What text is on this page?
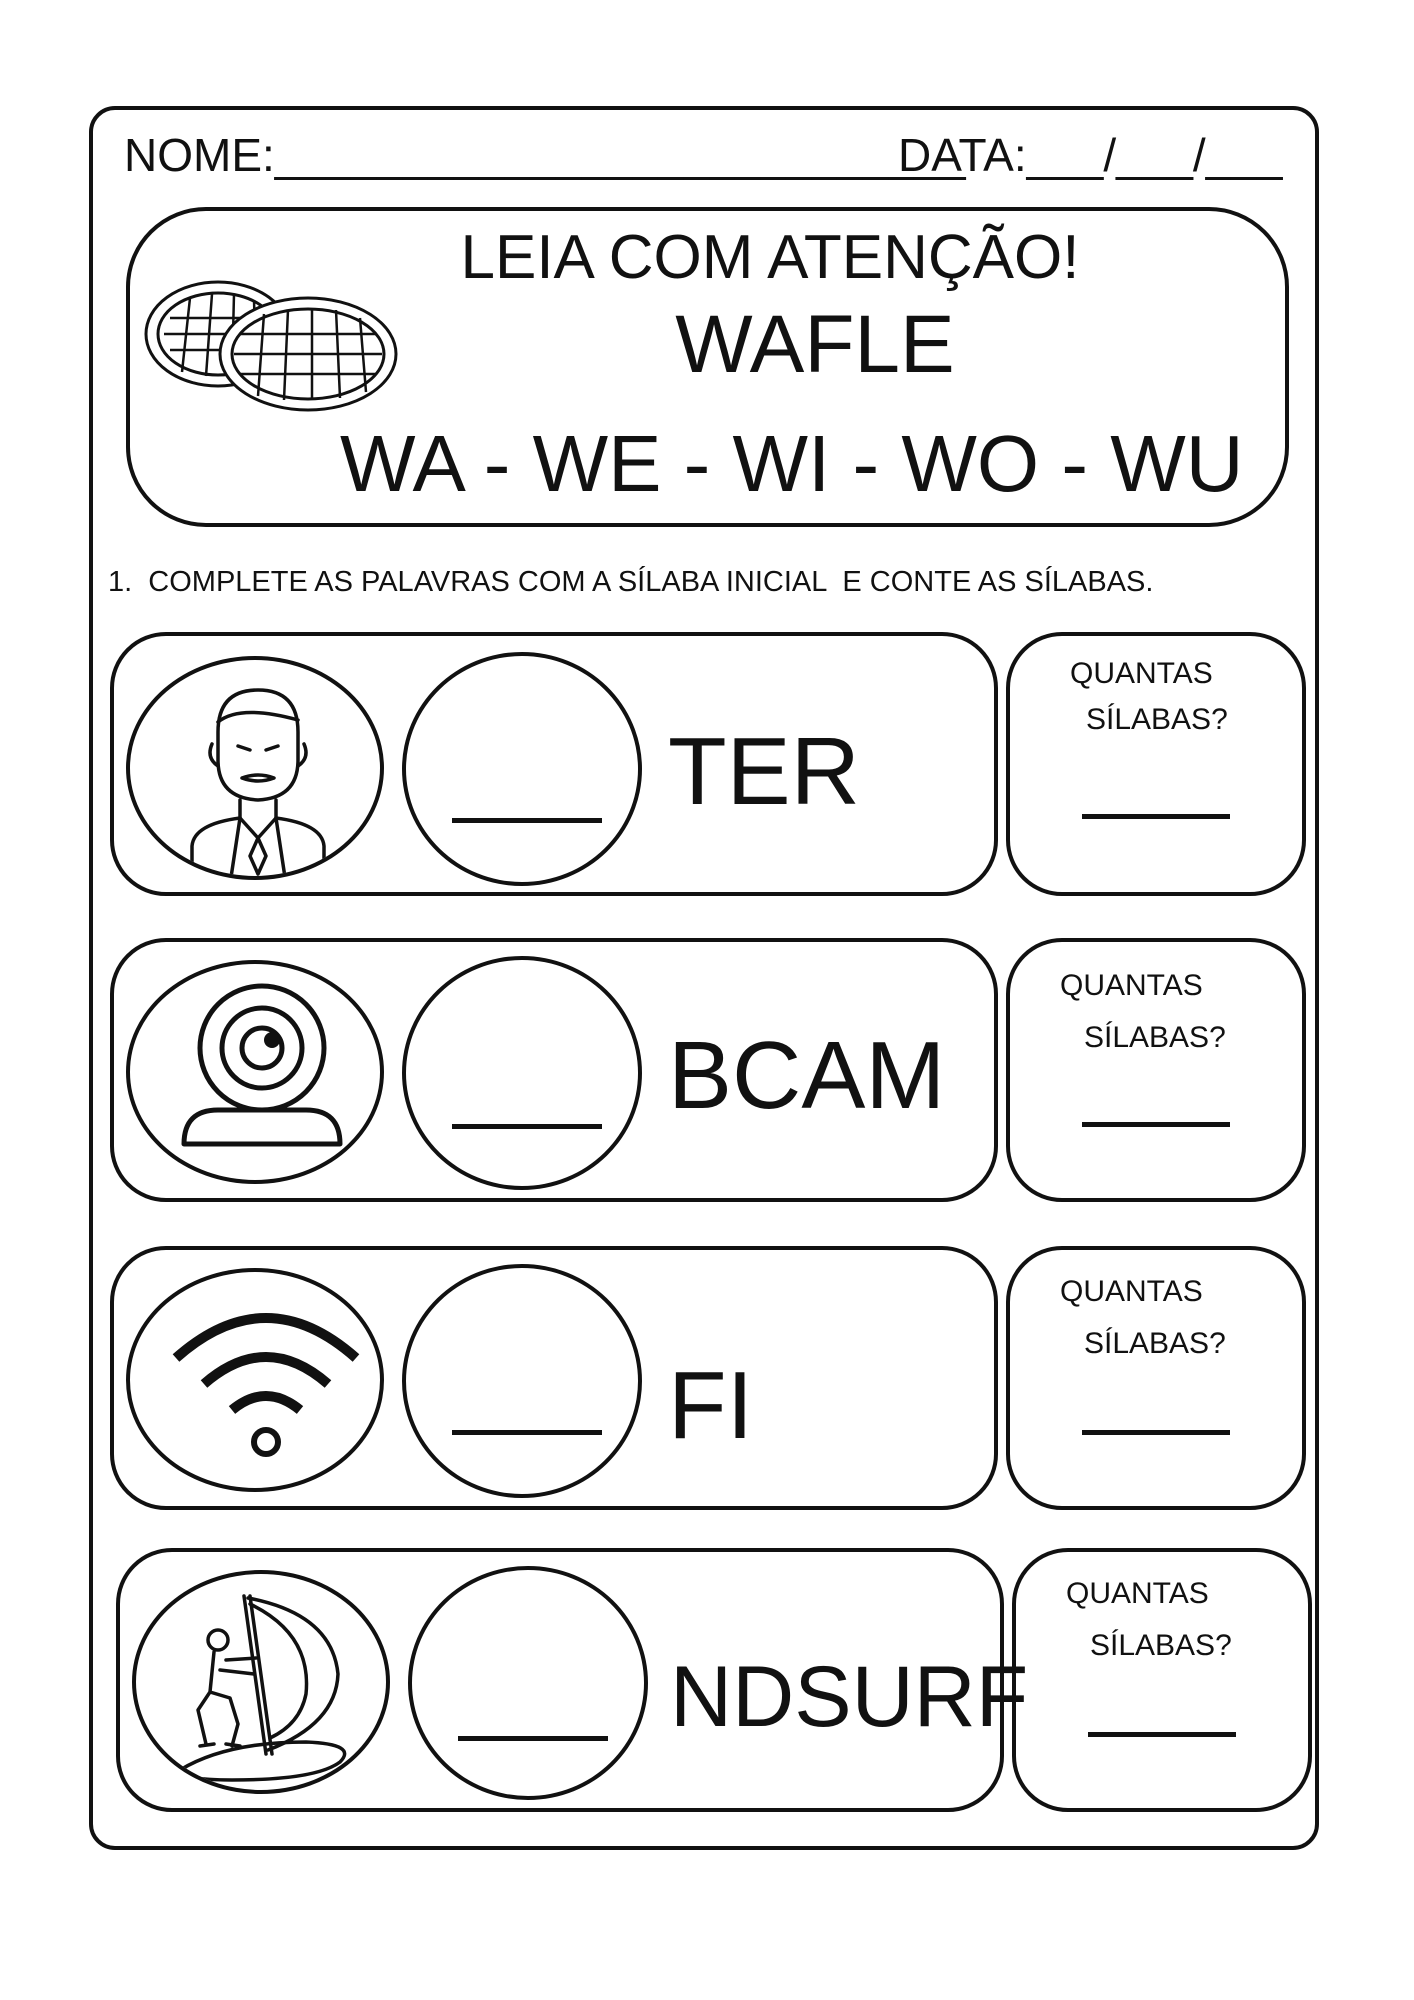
NOME:___________________________
DATA:___/___/___
LEIA COM ATENÇÃO!
WAFLE
WA - WE - WI - WO - WU
1.  COMPLETE AS PALAVRAS COM A SÍLABA INICIAL  E CONTE AS SÍLABAS.
TER
QUANTAS
SÍLABAS?
BCAM
QUANTAS
SÍLABAS?
FI
QUANTAS
SÍLABAS?
NDSURF
QUANTAS
SÍLABAS?
